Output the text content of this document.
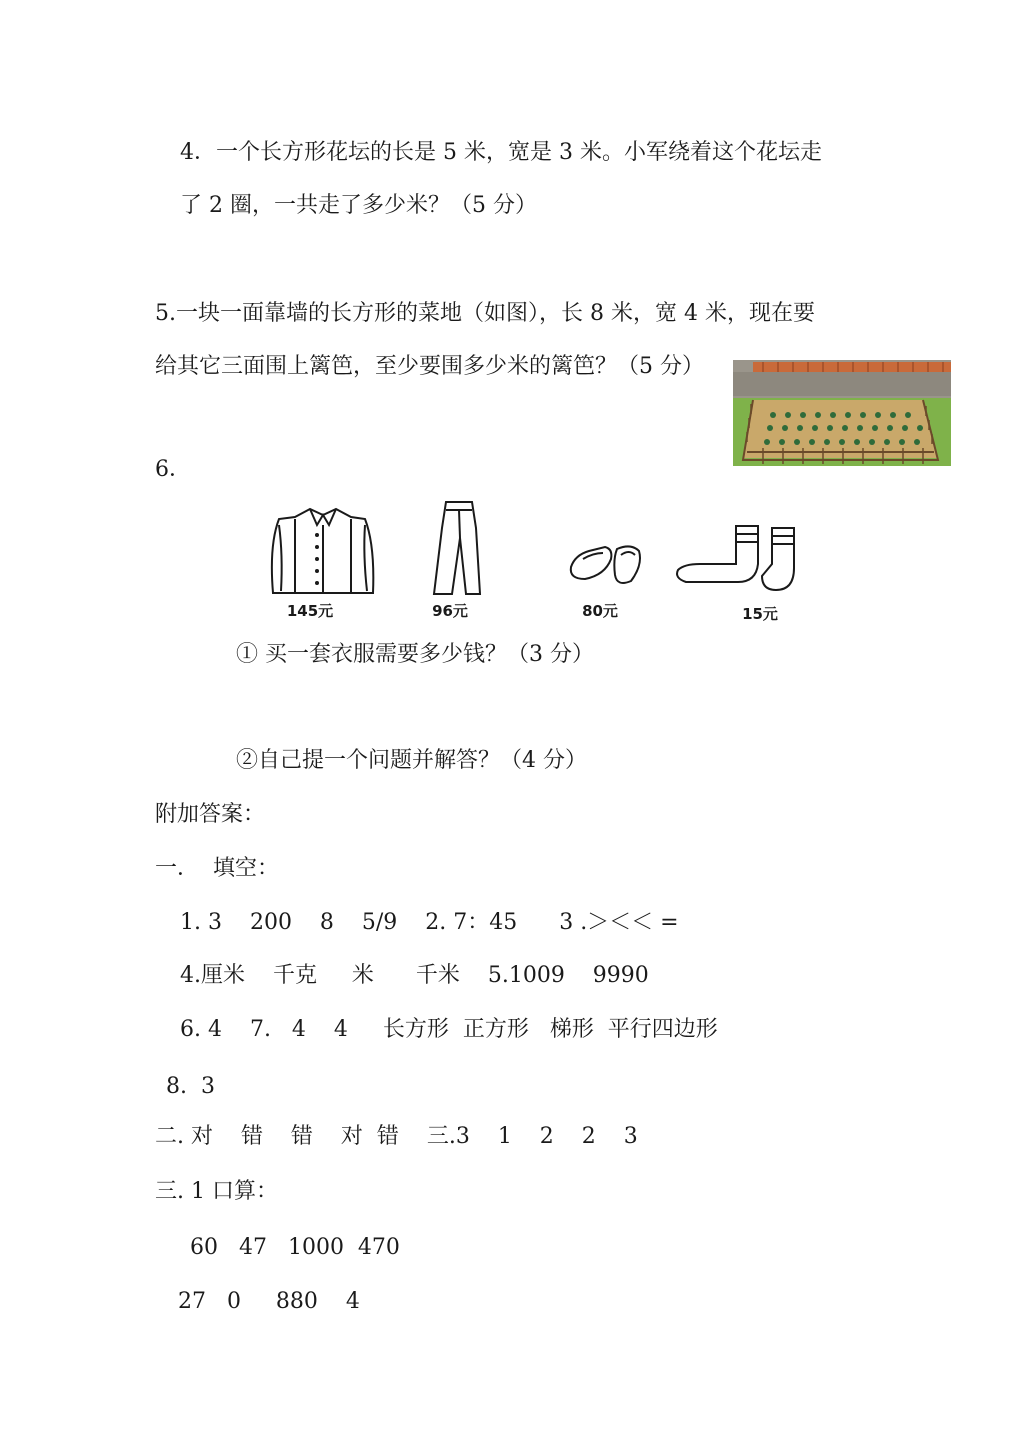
4．一个长方形花坛的长是 5 米，宽是 3 米。小军绕着这个花坛走
了 2 圈，一共走了多少米？（5 分）
5.一块一面靠墙的长方形的菜地（如图），长 8 米，宽 4 米，现在要
给其它三面围上篱笆，至少要围多少米的篱笆？（5 分）
6．
145元	96元	80元	15元
① 买一套衣服需要多少钱？（3 分）
②自己提一个问题并解答？（4 分）
附加答案：
一．  填空：
1. 3    200    8    5/9    2. 7：45      3 .＞＜＜ =
4.厘米    千克     米      千米    5.1009    9990
6. 4    7.   4    4     长方形  正方形   梯形  平行四边形
8.  3
二. 对    错    错    对  错    三.3    1    2    2    3
三. 1 口算：
60   47   1000  470
27   0     880    4
